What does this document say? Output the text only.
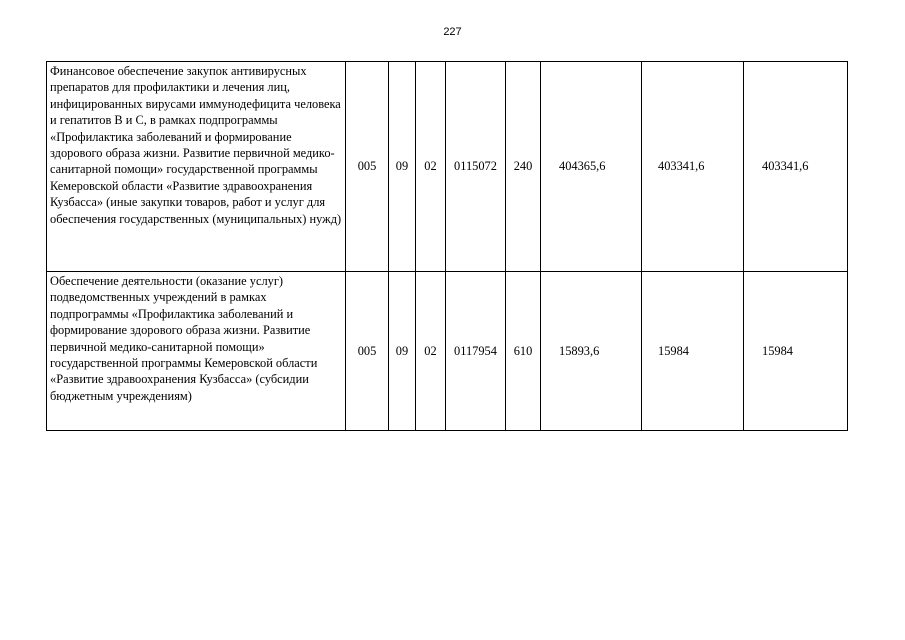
227
Финансовое обеспечение закупок антивирусных препаратов для профилактики и лечения лиц, инфицированных вирусами иммунодефицита человека и гепатитов В и С, в рамках подпрограммы «Профилактика заболеваний и формирование здорового образа жизни. Развитие первичной медико-санитарной помощи» государственной программы Кемеровской области «Развитие здравоохранения Кузбасса» (иные закупки товаров, работ и услуг для обеспечения государственных (муниципальных) нужд)	005	09	02	0115072	240	404365,6	403341,6	403341,6
Обеспечение деятельности (оказание услуг) подведомственных учреждений в рамках подпрограммы «Профилактика заболеваний и формирование здорового образа жизни. Развитие первичной медико-санитарной помощи» государственной программы Кемеровской области «Развитие здравоохранения Кузбасса» (субсидии бюджетным учреждениям)	005	09	02	0117954	610	15893,6	15984	15984
